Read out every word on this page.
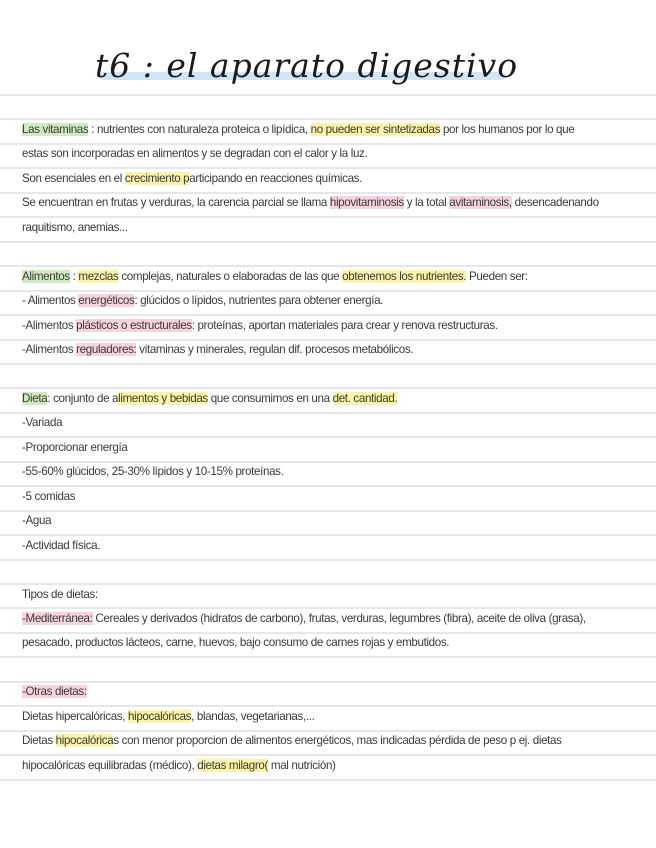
t6 : el aparato digestivo
Las vitaminas : nutrientes con naturaleza proteica o lipídica, no pueden ser sintetizadas por los humanos por lo que
estas son incorporadas en alimentos y se degradan con el calor y la luz.
Son esenciales en el crecimiento participando en reacciones químicas.
Se encuentran en frutas y verduras, la carencia parcial se llama hipovitaminosis y la total avitaminosis, desencadenando
raquitismo, anemias...
Alimentos : mezclas complejas, naturales o elaboradas de las que obtenemos los nutrientes. Pueden ser:
- Alimentos energéticos: glúcidos o lípidos, nutrientes para obtener energía.
-Alimentos plásticos o estructurales: proteínas, aportan materiales para crear y renova restructuras.
-Alimentos reguladores: vitaminas y minerales, regulan dif. procesos metabólicos.
Dieta: conjunto de alimentos y bebidas que consumimos en una det. cantidad.
-Variada
-Proporcionar energía
-55-60% glúcidos, 25-30% lípidos y 10-15% proteínas.
-5 comidas
-Agua
-Actividad física.
Tipos de dietas:
-Mediterránea: Cereales y derivados (hidratos de carbono), frutas, verduras, legumbres (fibra), aceite de oliva (grasa),
pesacado, productos lácteos, carne, huevos, bajo consumo de carnes rojas y embutidos.
-Otras dietas:
Dietas hipercalóricas, hipocalóricas, blandas, vegetarianas,...
Dietas hipocalóricas con menor proporcion de alimentos energéticos, mas indicadas pérdida de peso p ej. dietas
hipocalóricas equilibradas (médico), dietas milagro( mal nutrición)
